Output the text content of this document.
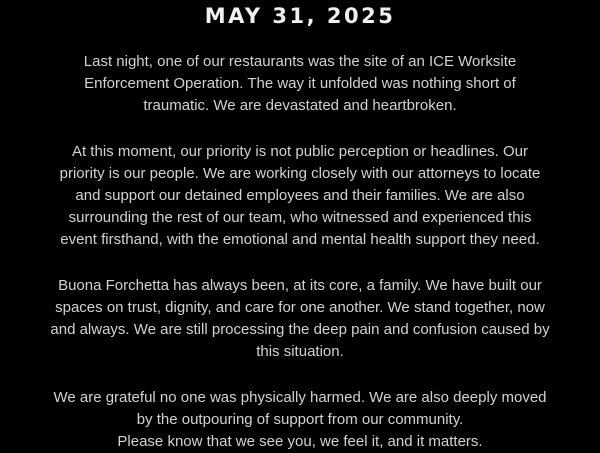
MAY 31, 2025
Last night, one of our restaurants was the site of an ICE Worksite
Enforcement Operation. The way it unfolded was nothing short of
traumatic. We are devastated and heartbroken.
At this moment, our priority is not public perception or headlines. Our
priority is our people. We are working closely with our attorneys to locate
and support our detained employees and their families. We are also
surrounding the rest of our team, who witnessed and experienced this
event firsthand, with the emotional and mental health support they need.
Buona Forchetta has always been, at its core, a family. We have built our
spaces on trust, dignity, and care for one another. We stand together, now
and always. We are still processing the deep pain and confusion caused by
this situation.
We are grateful no one was physically harmed. We are also deeply moved
by the outpouring of support from our community.
Please know that we see you, we feel it, and it matters.
